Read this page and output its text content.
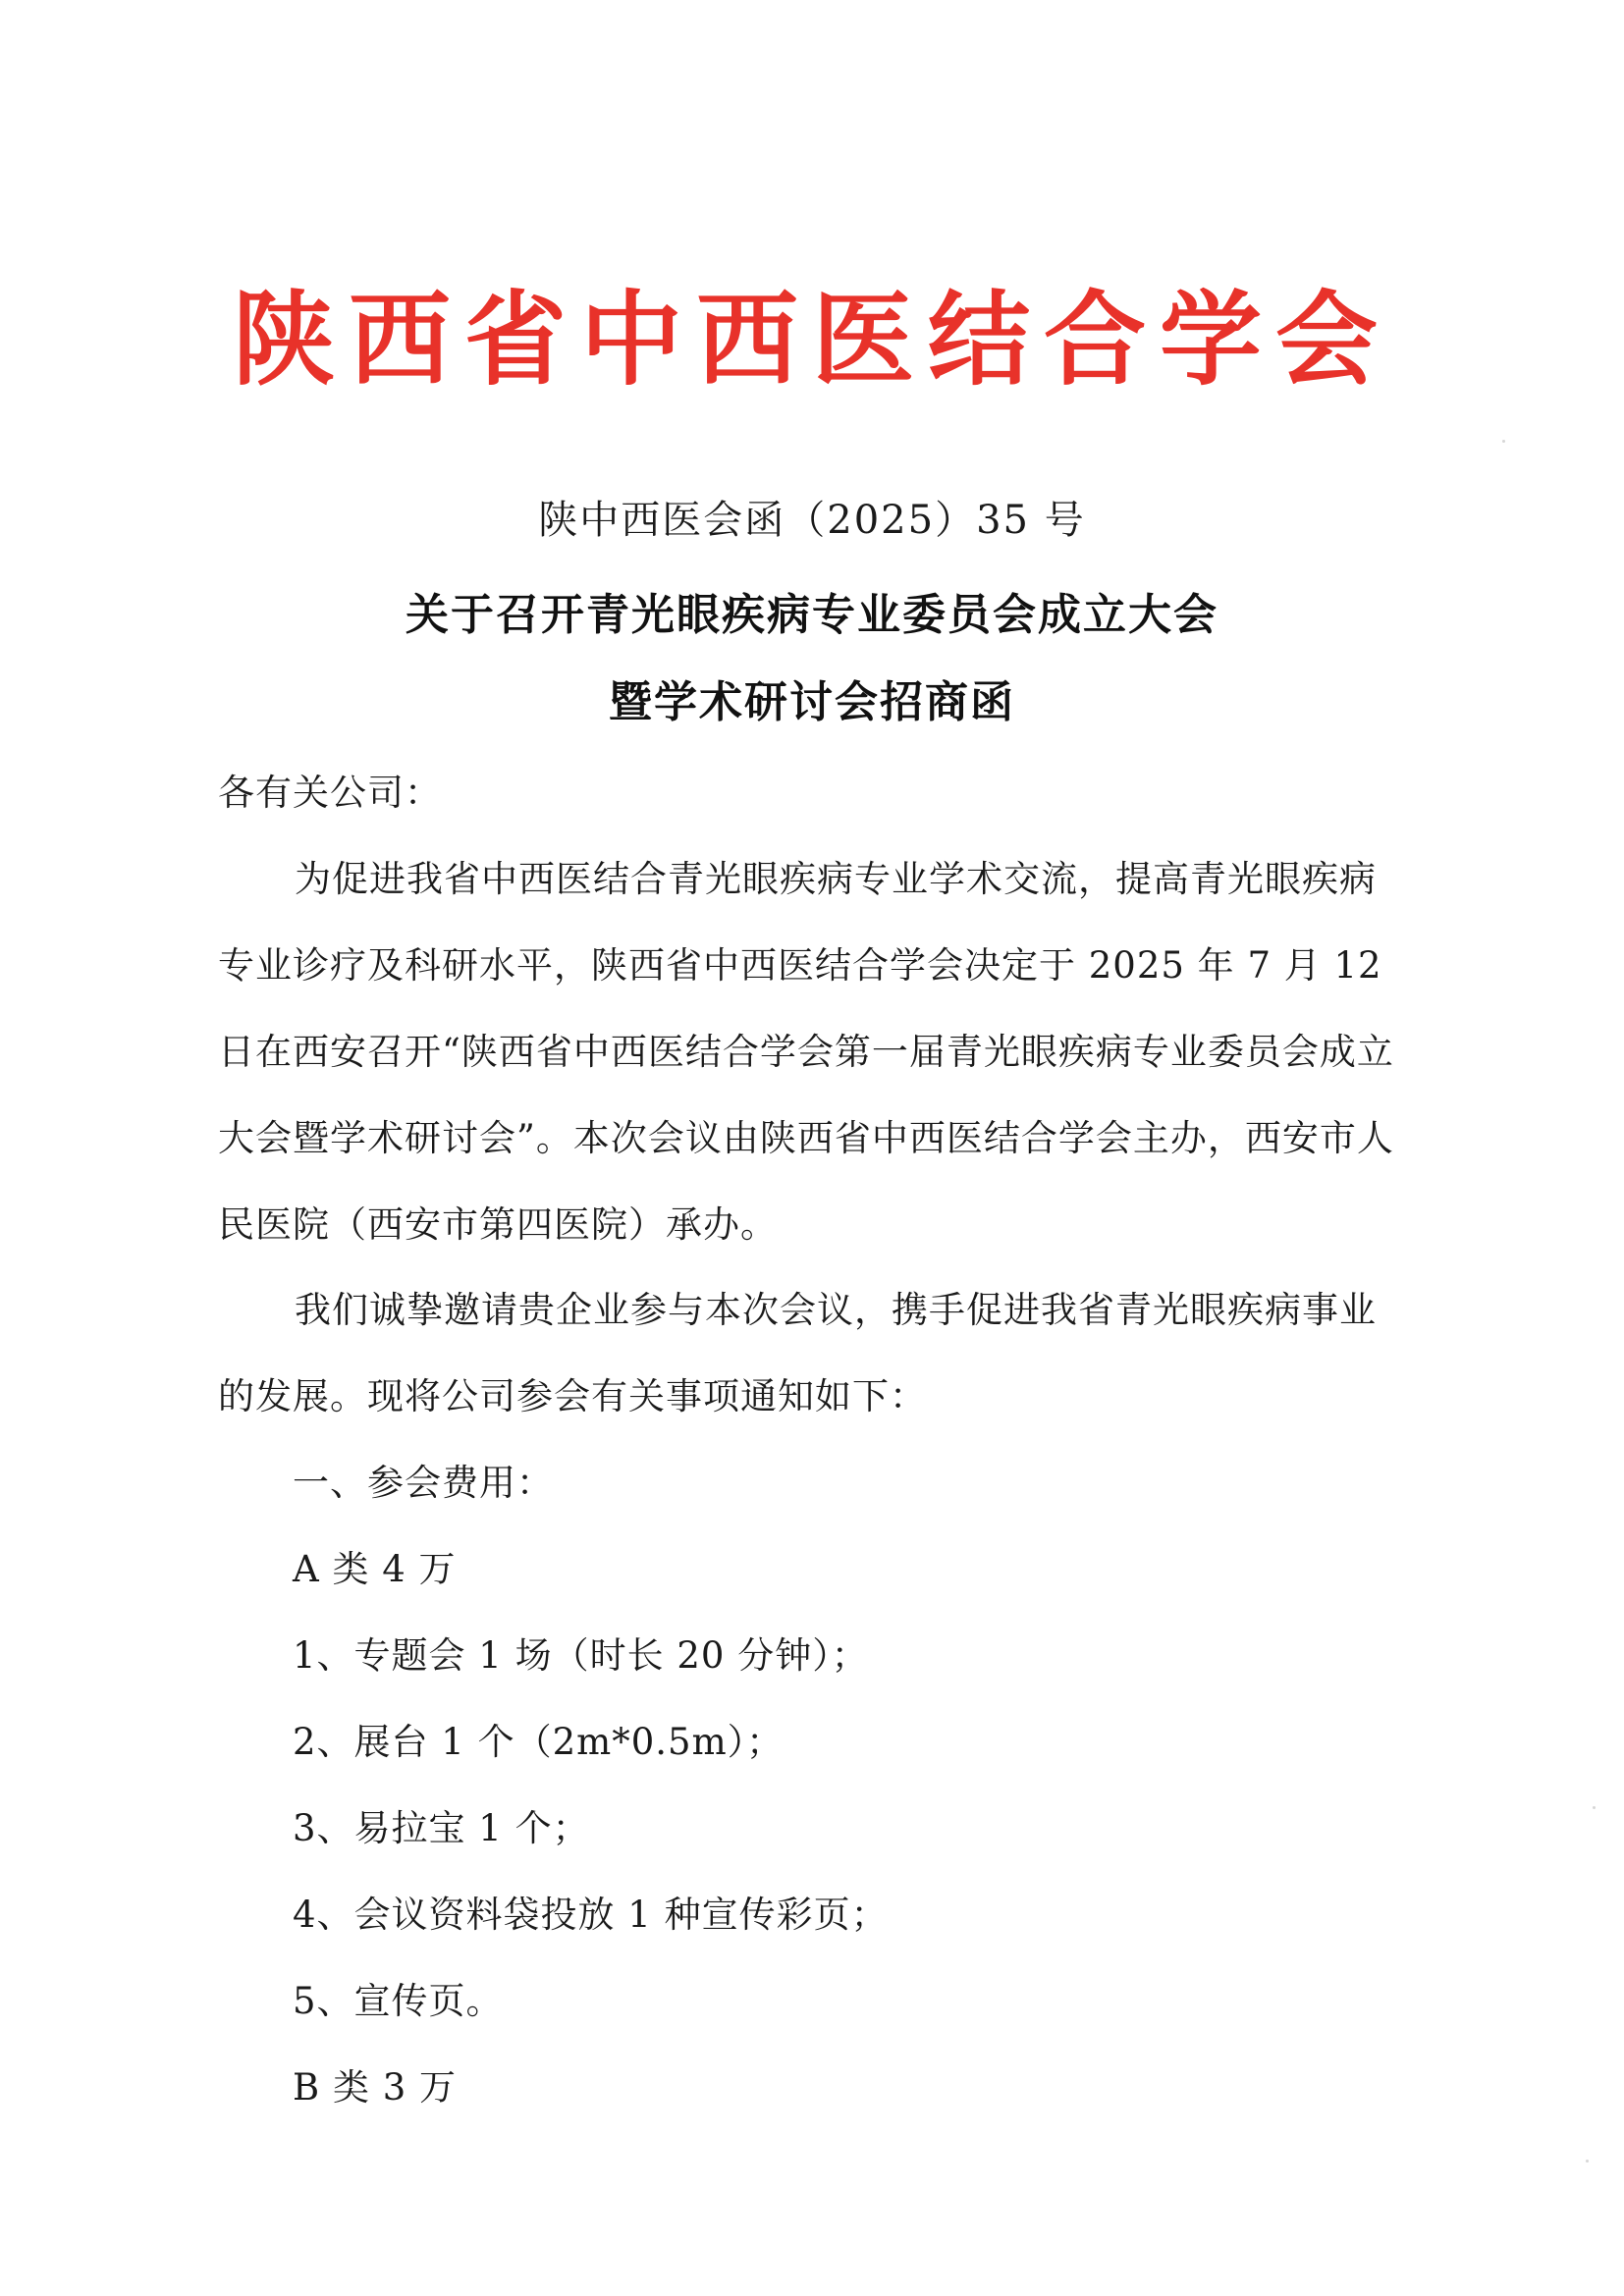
陕西省中西医结合学会
陕中西医会函（2025）35 号
关于召开青光眼疾病专业委员会成立大会
暨学术研讨会招商函
各有关公司：
为促进我省中西医结合青光眼疾病专业学术交流，提高青光眼疾病专业诊疗及科研水平，陕西省中西医结合学会决定于 2025 年 7 月 12 日在西安召开“陕西省中西医结合学会第一届青光眼疾病专业委员会成立大会暨学术研讨会”。本次会议由陕西省中西医结合学会主办，西安市人民医院（西安市第四医院）承办。
我们诚挚邀请贵企业参与本次会议，携手促进我省青光眼疾病事业的发展。现将公司参会有关事项通知如下：
一、参会费用：
A 类 4 万
1、专题会 1 场（时长 20 分钟）；
2、展台 1 个（2m*0.5m）；
3、易拉宝 1 个；
4、会议资料袋投放 1 种宣传彩页；
5、宣传页。
B 类 3 万
